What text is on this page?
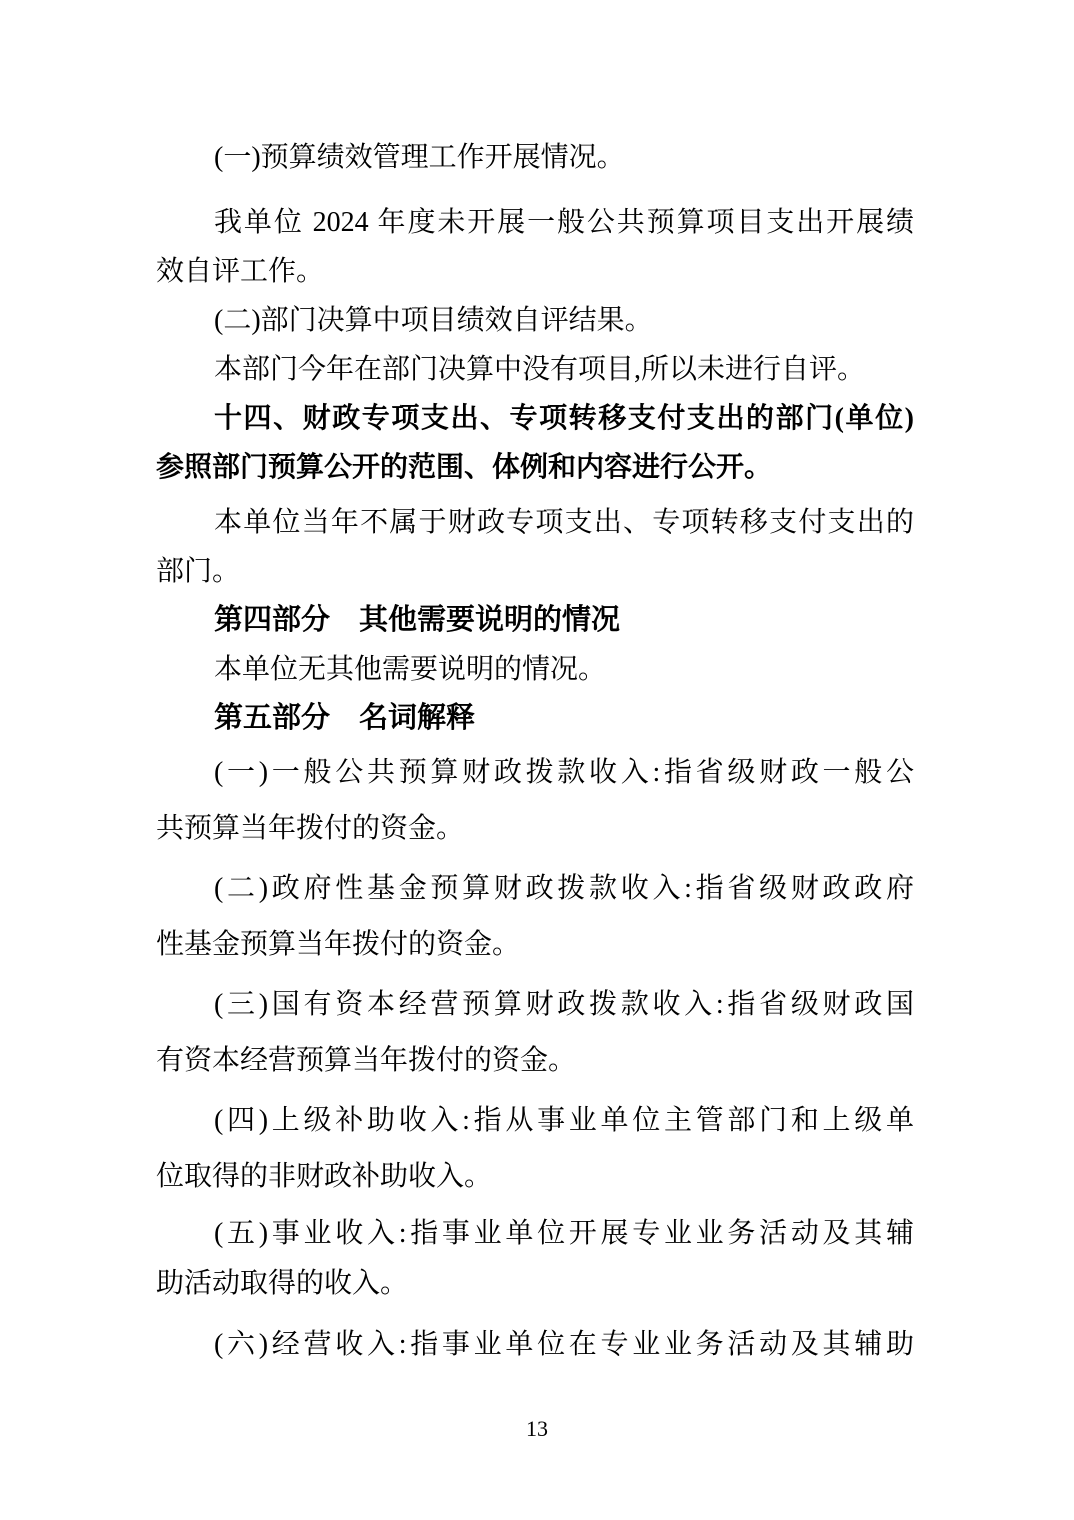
(一)预算绩效管理工作开展情况。
我单位 2024 年度未开展一般公共预算项目支出开展绩
效自评工作。
(二)部门决算中项目绩效自评结果。
本部门今年在部门决算中没有项目,所以未进行自评。
十四、财政专项支出、专项转移支付支出的部门(单位)
参照部门预算公开的范围、体例和内容进行公开。
本单位当年不属于财政专项支出、专项转移支付支出的
部门。
第四部分　其他需要说明的情况
本单位无其他需要说明的情况。
第五部分　名词解释
(一)一般公共预算财政拨款收入:指省级财政一般公
共预算当年拨付的资金。
(二)政府性基金预算财政拨款收入:指省级财政政府
性基金预算当年拨付的资金。
(三)国有资本经营预算财政拨款收入:指省级财政国
有资本经营预算当年拨付的资金。
(四)上级补助收入:指从事业单位主管部门和上级单
位取得的非财政补助收入。
(五)事业收入:指事业单位开展专业业务活动及其辅
助活动取得的收入。
(六)经营收入:指事业单位在专业业务活动及其辅助
13
